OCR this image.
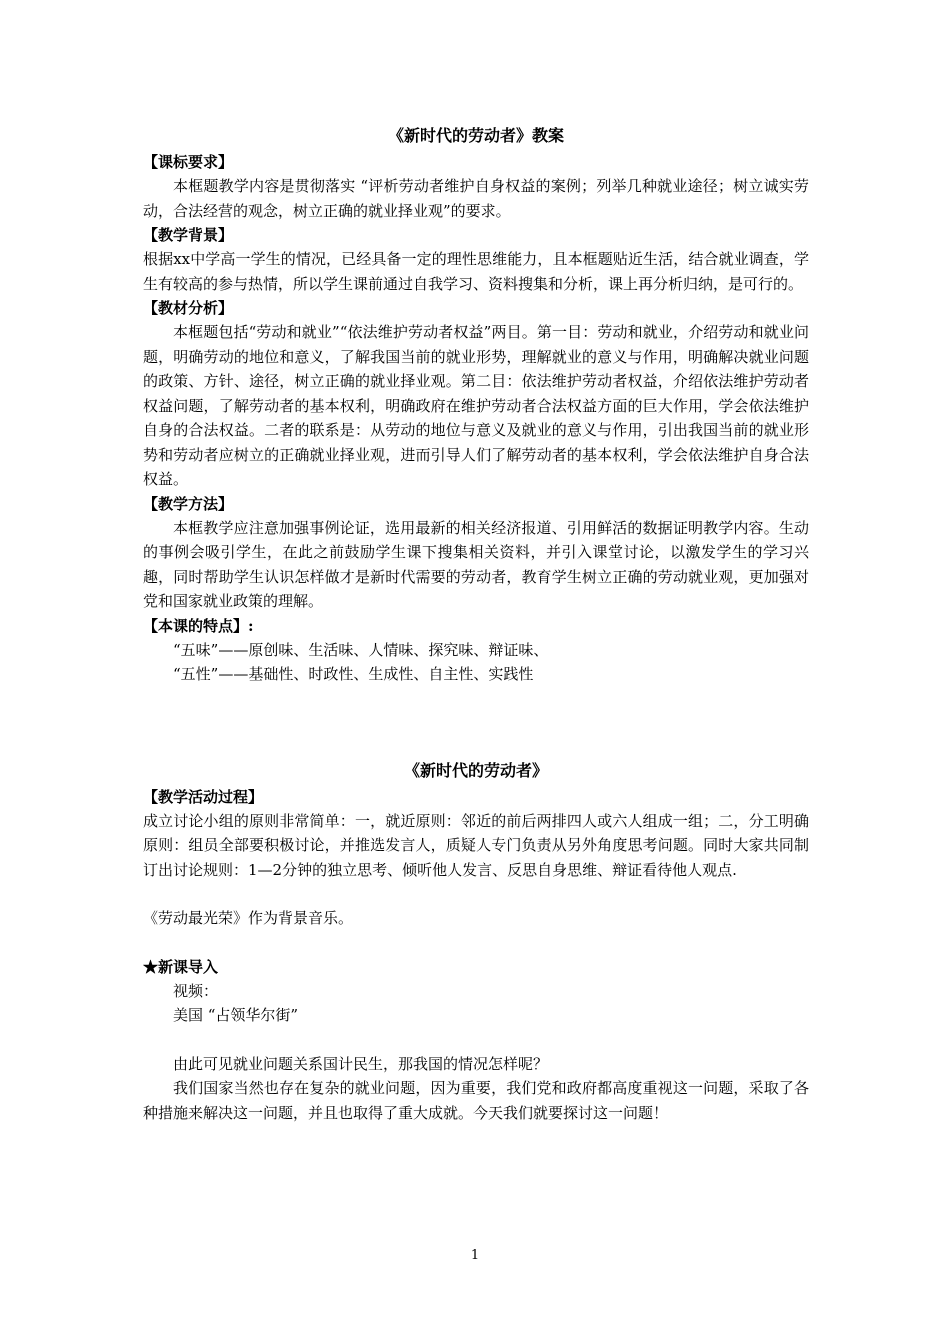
《新时代的劳动者》教案

【课标要求】

本框题教学内容是贯彻落实 “评析劳动者维护自身权益的案例；列举几种就业途径；树立诚实劳动，合法经营的观念，树立正确的就业择业观”的要求。

【教学背景】

根据xx中学高一学生的情况，已经具备一定的理性思维能力，且本框题贴近生活，结合就业调查，学生有较高的参与热情，所以学生课前通过自我学习、资料搜集和分析，课上再分析归纳，是可行的。

【教材分析】

本框题包括“劳动和就业”“依法维护劳动者权益”两目。第一目：劳动和就业，介绍劳动和就业问题，明确劳动的地位和意义，了解我国当前的就业形势，理解就业的意义与作用，明确解决就业问题的政策、方针、途径，树立正确的就业择业观。第二目：依法维护劳动者权益，介绍依法维护劳动者权益问题，了解劳动者的基本权利，明确政府在维护劳动者合法权益方面的巨大作用，学会依法维护自身的合法权益。二者的联系是：从劳动的地位与意义及就业的意义与作用，引出我国当前的就业形势和劳动者应树立的正确就业择业观，进而引导人们了解劳动者的基本权利，学会依法维护自身合法权益。

【教学方法】

本框教学应注意加强事例论证，选用最新的相关经济报道、引用鲜活的数据证明教学内容。生动的事例会吸引学生，在此之前鼓励学生课下搜集相关资料，并引入课堂讨论，以激发学生的学习兴趣，同时帮助学生认识怎样做才是新时代需要的劳动者，教育学生树立正确的劳动就业观，更加强对党和国家就业政策的理解。

【本课的特点】:

“五味”——原创味、生活味、人情味、探究味、辩证味、

“五性”——基础性、时政性、生成性、自主性、实践性

《新时代的劳动者》

【教学活动过程】

成立讨论小组的原则非常简单：一，就近原则：邻近的前后两排四人或六人组成一组；二，分工明确原则：组员全部要积极讨论，并推选发言人，质疑人专门负责从另外角度思考问题。同时大家共同制订出讨论规则：1—2分钟的独立思考、倾听他人发言、反思自身思维、辩证看待他人观点.

《劳动最光荣》作为背景音乐。

★新课导入

视频：

美国 “占领华尔街”

由此可见就业问题关系国计民生，那我国的情况怎样呢？

我们国家当然也存在复杂的就业问题，因为重要，我们党和政府都高度重视这一问题，采取了各种措施来解决这一问题，并且也取得了重大成就。今天我们就要探讨这一问题！

1
